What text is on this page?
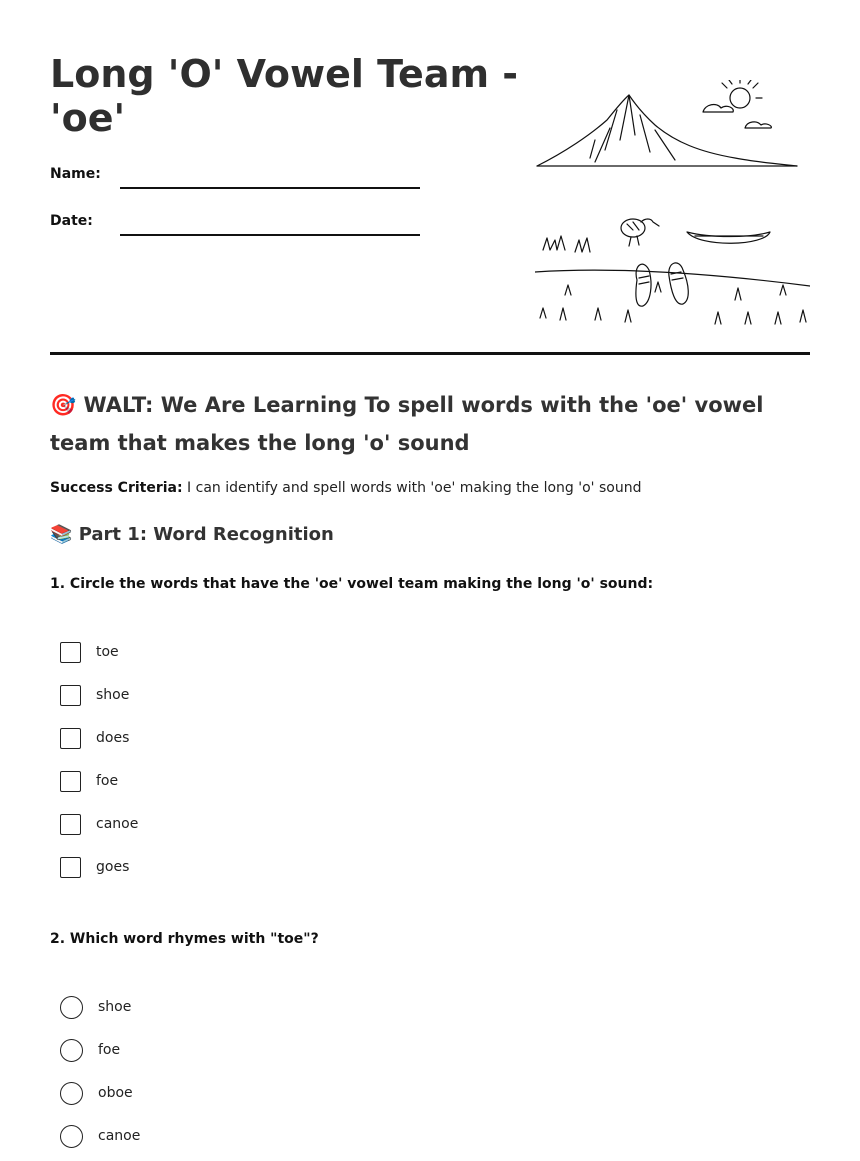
Long 'O' Vowel Team - 'oe'
Name:
Date:
🎯 WALT: We Are Learning To spell words with the 'oe' vowel team that makes the long 'o' sound
Success Criteria: I can identify and spell words with 'oe' making the long 'o' sound
📚 Part 1: Word Recognition

1. Circle the words that have the 'oe' vowel team making the long 'o' sound:

toe
shoe
does
foe
canoe
goes

2. Which word rhymes with "toe"?

shoe
foe
oboe
canoe
